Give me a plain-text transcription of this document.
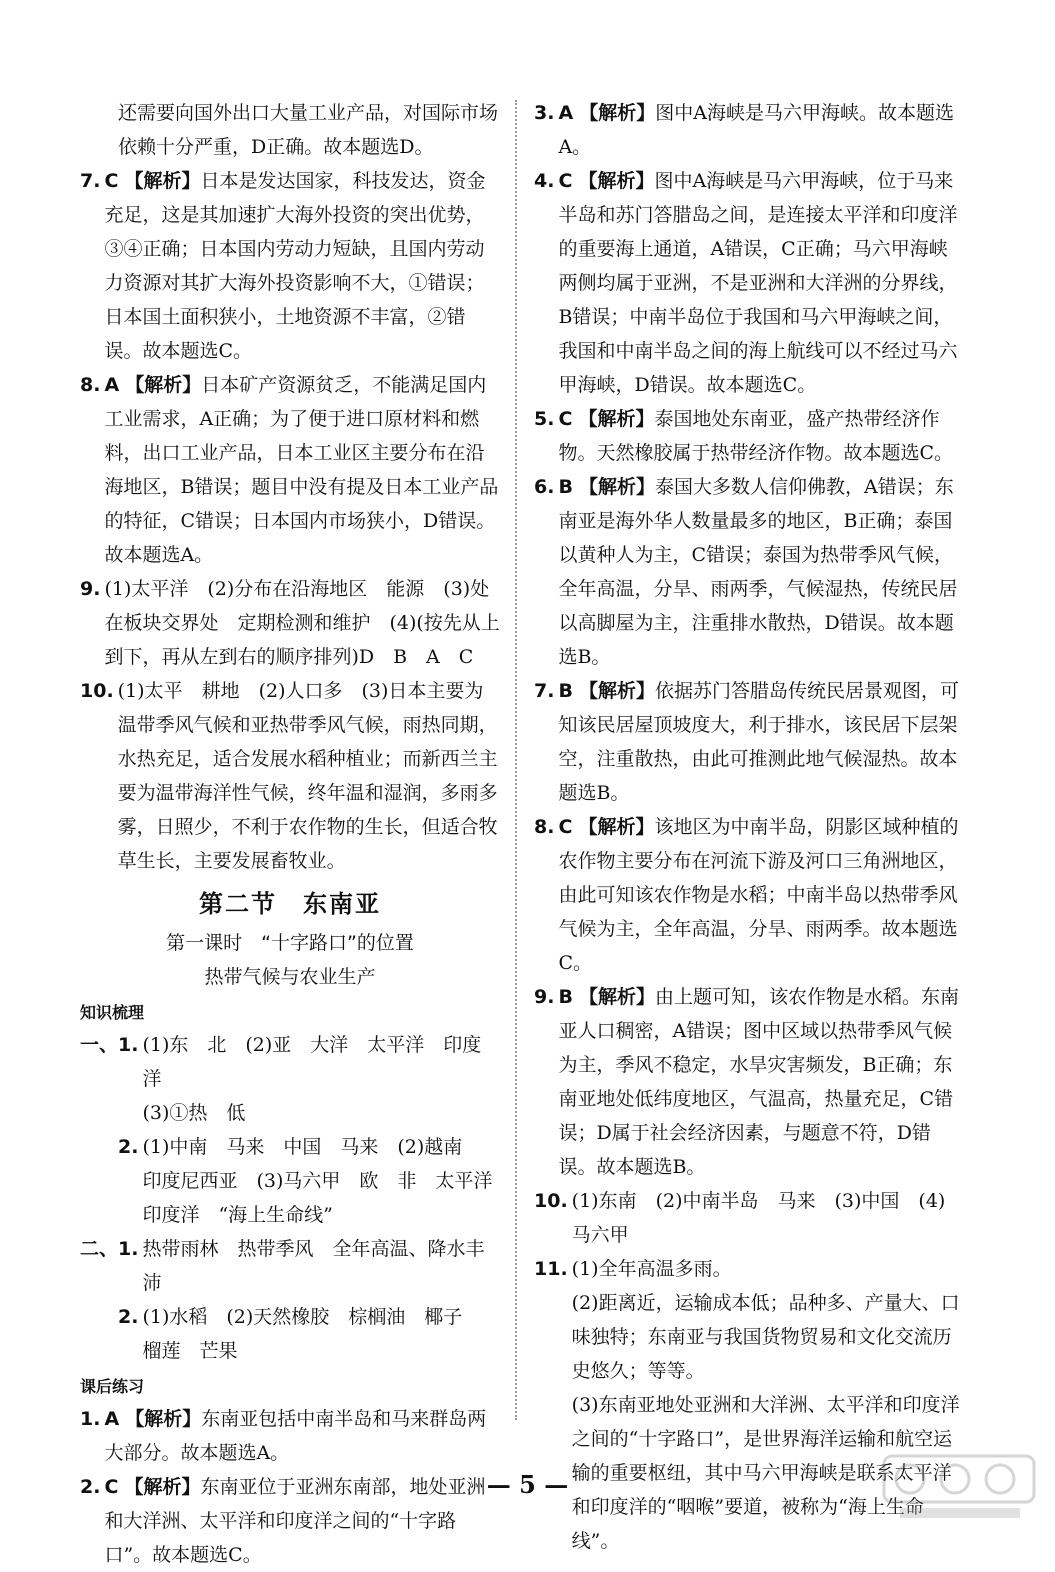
还需要向国外出口大量工业产品，对国际市场依赖十分严重，D正确。故本题选D。

7. C 【解析】日本是发达国家，科技发达，资金充足，这是其加速扩大海外投资的突出优势，③④正确；日本国内劳动力短缺，且国内劳动力资源对其扩大海外投资影响不大，①错误；日本国土面积狭小，土地资源不丰富，②错误。故本题选C。
8. A 【解析】日本矿产资源贫乏，不能满足国内工业需求，A正确；为了便于进口原材料和燃料，出口工业产品，日本工业区主要分布在沿海地区，B错误；题目中没有提及日本工业产品的特征，C错误；日本国内市场狭小，D错误。故本题选A。
9. (1)太平洋　(2)分布在沿海地区　能源　(3)处在板块交界处　定期检测和维护　(4)(按先从上到下，再从左到右的顺序排列)D　B　A　C
10. (1)太平　耕地　(2)人口多　(3)日本主要为温带季风气候和亚热带季风气候，雨热同期，水热充足，适合发展水稻种植业；而新西兰主要为温带海洋性气候，终年温和湿润，多雨多雾，日照少，不利于农作物的生长，但适合牧草生长，主要发展畜牧业。
第二节　东南亚
第一课时　“十字路口”的位置
热带气候与农业生产
知识梳理
一、1. (1)东　北　(2)亚　大洋　太平洋　印度洋
(3)①热　低
2. (1)中南　马来　中国　马来　(2)越南　印度尼西亚　(3)马六甲　欧　非　太平洋　印度洋　“海上生命线”
二、1. 热带雨林　热带季风　全年高温、降水丰沛
2. (1)水稻　(2)天然橡胶　棕榈油　椰子　榴莲　芒果
课后练习
1. A 【解析】东南亚包括中南半岛和马来群岛两大部分。故本题选A。
2. C 【解析】东南亚位于亚洲东南部，地处亚洲和大洋洲、太平洋和印度洋之间的“十字路口”。故本题选C。
3. A 【解析】图中A海峡是马六甲海峡。故本题选A。
4. C 【解析】图中A海峡是马六甲海峡，位于马来半岛和苏门答腊岛之间，是连接太平洋和印度洋的重要海上通道，A错误，C正确；马六甲海峡两侧均属于亚洲，不是亚洲和大洋洲的分界线，B错误；中南半岛位于我国和马六甲海峡之间，我国和中南半岛之间的海上航线可以不经过马六甲海峡，D错误。故本题选C。
5. C 【解析】泰国地处东南亚，盛产热带经济作物。天然橡胶属于热带经济作物。故本题选C。
6. B 【解析】泰国大多数人信仰佛教，A错误；东南亚是海外华人数量最多的地区，B正确；泰国以黄种人为主，C错误；泰国为热带季风气候，全年高温，分旱、雨两季，气候湿热，传统民居以高脚屋为主，注重排水散热，D错误。故本题选B。
7. B 【解析】依据苏门答腊岛传统民居景观图，可知该民居屋顶坡度大，利于排水，该民居下层架空，注重散热，由此可推测此地气候湿热。故本题选B。
8. C 【解析】该地区为中南半岛，阴影区域种植的农作物主要分布在河流下游及河口三角洲地区，由此可知该农作物是水稻；中南半岛以热带季风气候为主，全年高温，分旱、雨两季。故本题选C。
9. B 【解析】由上题可知，该农作物是水稻。东南亚人口稠密，A错误；图中区域以热带季风气候为主，季风不稳定，水旱灾害频发，B正确；东南亚地处低纬度地区，气温高，热量充足，C错误；D属于社会经济因素，与题意不符，D错误。故本题选B。
10. (1)东南　(2)中南半岛　马来　(3)中国　(4)马六甲
11. (1)全年高温多雨。
(2)距离近，运输成本低；品种多、产量大、口味独特；东南亚与我国货物贸易和文化交流历史悠久；等等。
(3)东南亚地处亚洲和大洋洲、太平洋和印度洋之间的“十字路口”，是世界海洋运输和航空运输的重要枢纽，其中马六甲海峡是联系太平洋和印度洋的“咽喉”要道，被称为“海上生命线”。
— 5 —
